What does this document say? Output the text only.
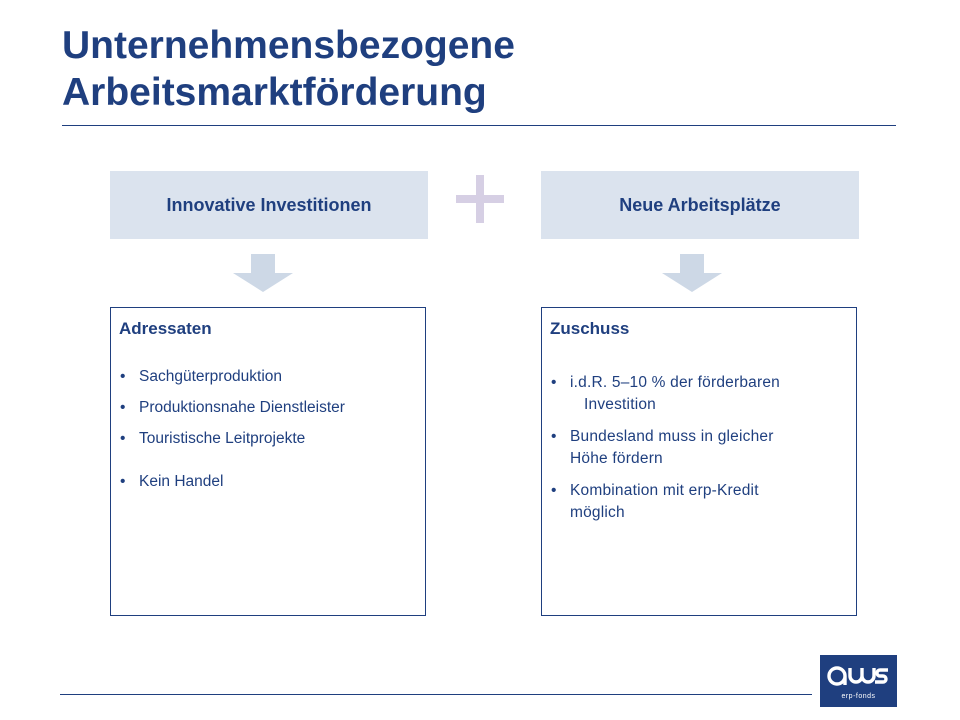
Unternehmensbezogene
Arbeitsmarktförderung
Innovative Investitionen	Neue Arbeitsplätze

Adressaten

• Sachgüterproduktion
• Produktionsnahe Dienstleister
• Touristische Leitprojekte
• Kein Handel

Zuschuss

• i.d.R. 5–10 % der förderbaren
Investition
• Bundesland muss in gleicher
Höhe fördern
• Kombination mit erp-Kredit
möglich
erp-fonds
